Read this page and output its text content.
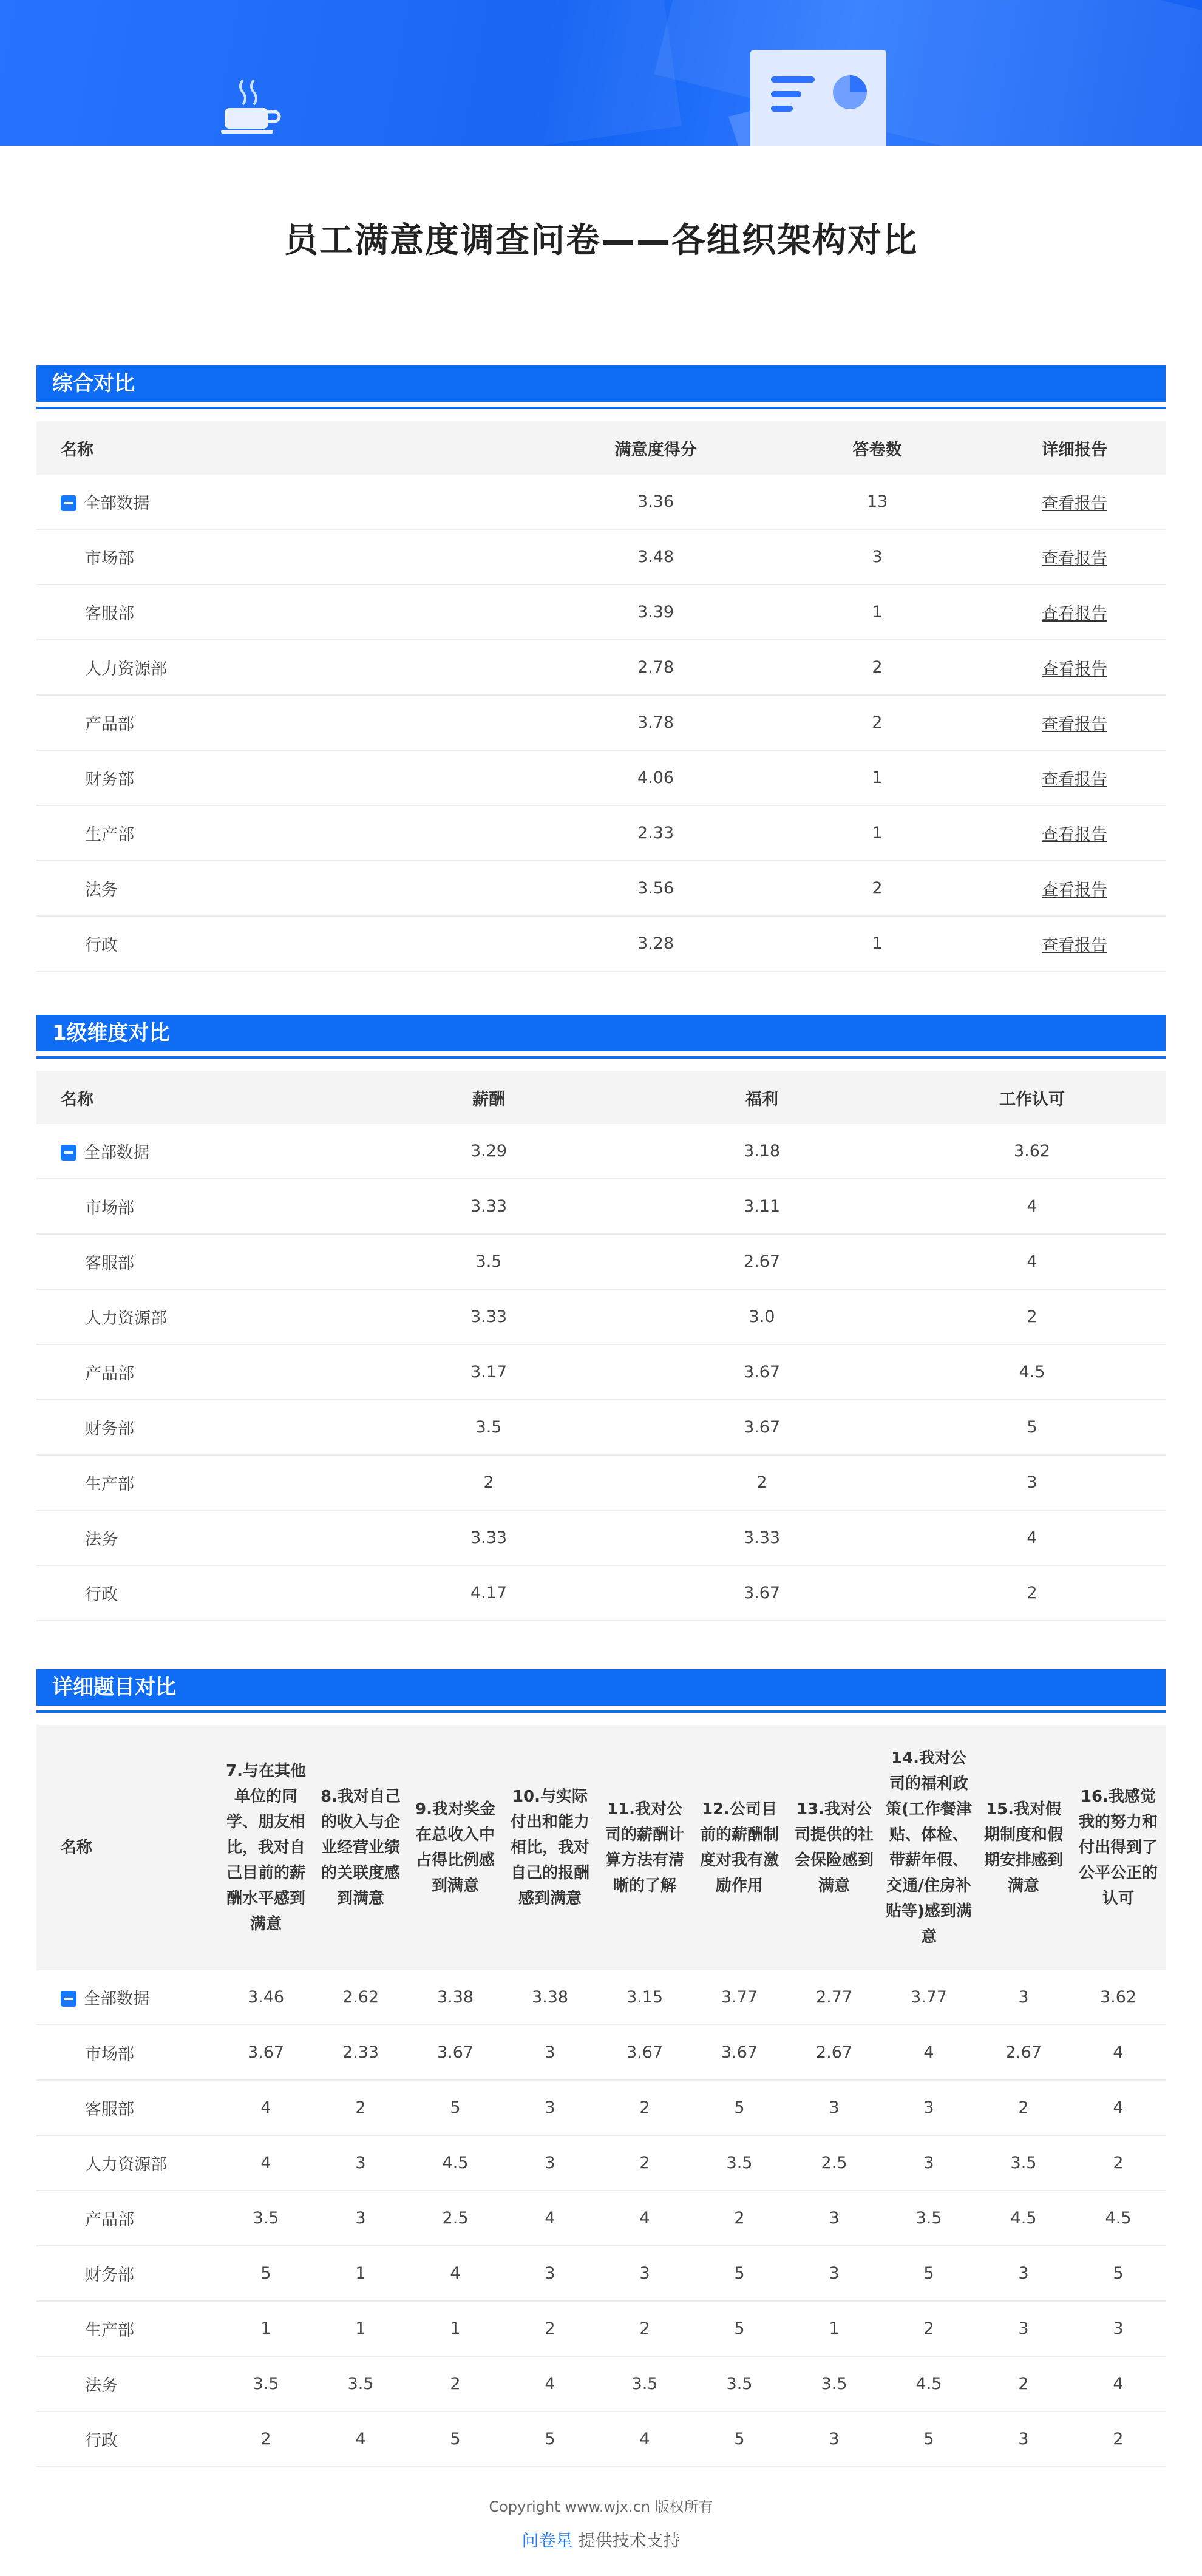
员工满意度调查问卷——各组织架构对比
综合对比
名称	满意度得分	答卷数	详细报告
全部数据	3.36	13	查看报告
市场部	3.48	3	查看报告
客服部	3.39	1	查看报告
人力资源部	2.78	2	查看报告
产品部	3.78	2	查看报告
财务部	4.06	1	查看报告
生产部	2.33	1	查看报告
法务	3.56	2	查看报告
行政	3.28	1	查看报告
1级维度对比
名称	薪酬	福利	工作认可
全部数据	3.29	3.18	3.62
市场部	3.33	3.11	4
客服部	3.5	2.67	4
人力资源部	3.33	3.0	2
产品部	3.17	3.67	4.5
财务部	3.5	3.67	5
生产部	2	2	3
法务	3.33	3.33	4
行政	4.17	3.67	2
详细题目对比
名称	7.与在其他单位的同学、朋友相比，我对自己目前的薪酬水平感到满意	8.我对自己的收入与企业经营业绩的关联度感到满意	9.我对奖金在总收入中占得比例感到满意	10.与实际付出和能力相比，我对自己的报酬感到满意	11.我对公司的薪酬计算方法有清晰的了解	12.公司目前的薪酬制度对我有激励作用	13.我对公司提供的社会保险感到满意	14.我对公司的福利政策(工作餐津贴、体检、带薪年假、交通/住房补贴等)感到满意	15.我对假期制度和假期安排感到满意	16.我感觉我的努力和付出得到了公平公正的认可
全部数据	3.46	2.62	3.38	3.38	3.15	3.77	2.77	3.77	3	3.62
市场部	3.67	2.33	3.67	3	3.67	3.67	2.67	4	2.67	4
客服部	4	2	5	3	2	5	3	3	2	4
人力资源部	4	3	4.5	3	2	3.5	2.5	3	3.5	2
产品部	3.5	3	2.5	4	4	2	3	3.5	4.5	4.5
财务部	5	1	4	3	3	5	3	5	3	5
生产部	1	1	1	2	2	5	1	2	3	3
法务	3.5	3.5	2	4	3.5	3.5	3.5	4.5	2	4
行政	2	4	5	5	4	5	3	5	3	2
Copyright www.wjx.cn 版权所有
问卷星 提供技术支持
